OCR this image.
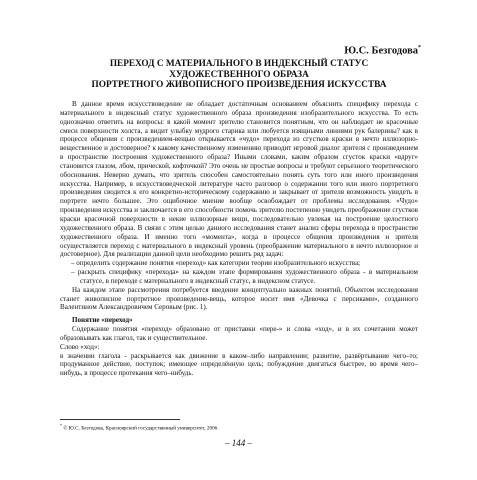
Ю.С. Безгодова*
ПЕРЕХОД С МАТЕРИАЛЬНОГО В ИНДЕКСНЫЙ СТАТУС
ХУДОЖЕСТВЕННОГО ОБРАЗА
ПОРТРЕТНОГО ЖИВОПИСНОГО ПРОИЗВЕДЕНИЯ ИСКУССТВА

В данное время искусствоведение не обладает достаточным основанием объяснить специфику перехода с материального в индексный статус художественного образа произведения изобразительного искусства. То есть однозначно ответить на вопросы: в какой момент зрителю становится понятным, что он наблюдает не красочные смеси поверхности холста, а видит улыбку мудрого старика или любуется изящными линиями рук балерины? как в процессе общения с произведением-вещью открывается «чудо» перехода из сгустков краски в нечто иллюзорно-вещественное и достоверное? к какому качественному изменению приводит игровой диалог зрителя с произведением в пространстве построения художественного образа? Иными словами, каким образом сгусток краски «вдруг» становится глазом, лбом, прической, кофточкой? Это очень не простые вопросы и требуют серьезного теоретического обоснования. Неверно думать, что зритель способен самостоятельно понять суть того или иного произведения искусства. Например, в искусствоведческой литературе часто разговор о содержании того или иного портретного произведения сводится к его конкретно-историческому содержанию и закрывает от зрителя возможность увидеть в портрете нечто большее. Это ощибочное мнение вообще освобождает от проблемы исследования. «Чудо» произведения искусства и заключается в его способности помочь зрителю постепенно увидеть преображение сгустков краски красочной поверхности в некие иллюзорные вещи, последовательно увлекая на построение целостного художественного образа. В связи с этим целью данного исследования станет анализ сферы перехода в пространстве художественного образа. И именно того «момента», когда в процессе общения произведения и зрителя осуществляется переход с материального в индексный уровень (преображение материального в нечто иллюзорное и достоверное). Для реализации данной цели необходимо решить ряд задач:

– определить содержание понятия «переход» как категории теории изобразительного искусства;
– раскрыть специфику «перехода» на каждом этапе формирования художественного образа - в материальном статусе, в переходе с материального в индексный статус, в индексном статусе.

На каждом этапе рассмотрения потребуется введение концептуально важных понятий. Объектом исследования станет живописное портретное произведение-вещь, которое носит имя «Девочка с персиками», созданного Валентином Александровичем Серовым (рис. 1).

Понятие «переход»

Содержание понятия «переход» образовано от приставки «пере-» и слова «ход», и в их сочетании может образовывать как глагол, так и существительное.

Слово «ход»:

в значении глагола - раскрывается как движение в каком–либо направлении; развитие, развёртывание чего–то; продуманное действие, поступок; имеющее определённую цель; побуждение двигаться быстрее, во время чего–нибудь, в процессе протекания чего–нибудь.

* © Ю.С. Безгодова, Красноярский государственный университет, 2006.
– 144 –
